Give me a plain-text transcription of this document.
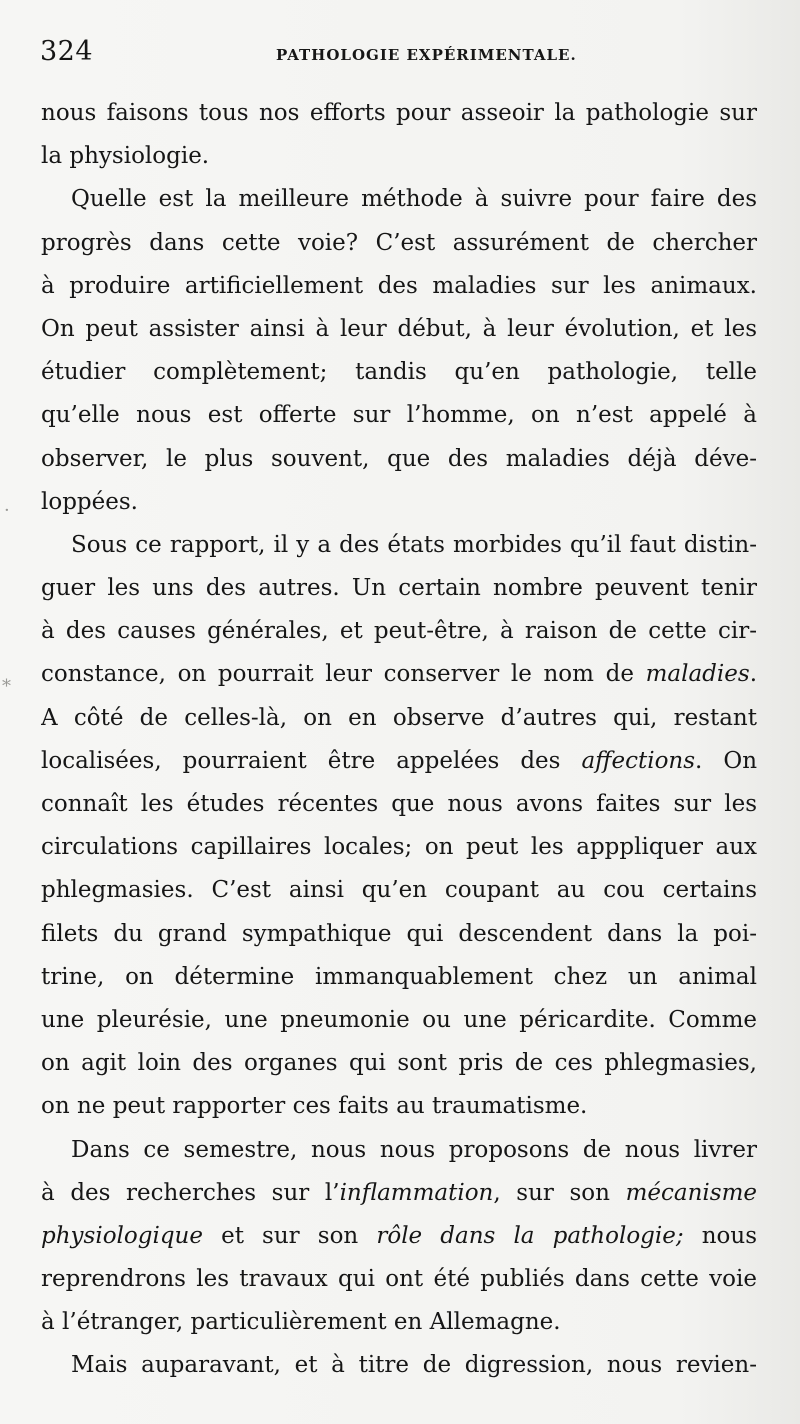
324	PATHOLOGIE EXPÉRIMENTALE.
nous faisons tous nos efforts pour asseoir la pathologie sur
la physiologie.
Quelle est la meilleure méthode à suivre pour faire des
progrès dans cette voie? C’est assurément de chercher
à produire artificiellement des maladies sur les animaux.
On peut assister ainsi à leur début, à leur évolution, et les
étudier complètement; tandis qu’en pathologie, telle
qu’elle nous est offerte sur l’homme, on n’est appelé à
observer, le plus souvent, que des maladies déjà déve-
loppées.
Sous ce rapport, il y a des états morbides qu’il faut distin-
guer les uns des autres. Un certain nombre peuvent tenir
à des causes générales, et peut-être, à raison de cette cir-
constance, on pourrait leur conserver le nom de maladies.
A côté de celles-là, on en observe d’autres qui, restant
localisées, pourraient être appelées des affections. On
connaît les études récentes que nous avons faites sur les
circulations capillaires locales; on peut les apppliquer aux
phlegmasies. C’est ainsi qu’en coupant au cou certains
filets du grand sympathique qui descendent dans la poi-
trine, on détermine immanquablement chez un animal
une pleurésie, une pneumonie ou une péricardite. Comme
on agit loin des organes qui sont pris de ces phlegmasies,
on ne peut rapporter ces faits au traumatisme.
Dans ce semestre, nous nous proposons de nous livrer
à des recherches sur l’inflammation, sur son mécanisme
physiologique et sur son rôle dans la pathologie; nous
reprendrons les travaux qui ont été publiés dans cette voie
à l’étranger, particulièrement en Allemagne.
Mais auparavant, et à titre de digression, nous revien-
*
·
